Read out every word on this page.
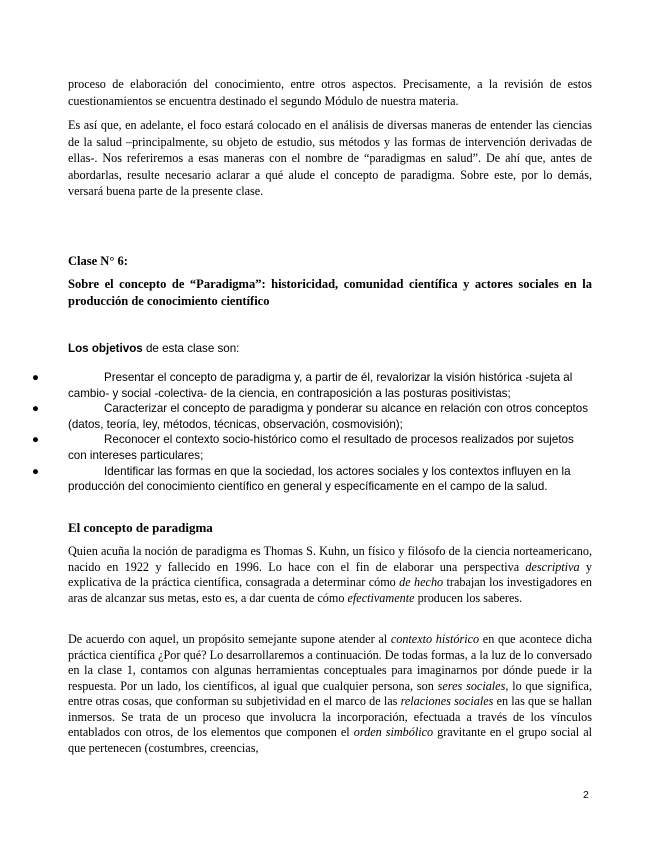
proceso de elaboración del conocimiento, entre otros aspectos. Precisamente, a la revisión de estos cuestionamientos se encuentra destinado el segundo Módulo de nuestra materia.

Es así que, en adelante, el foco estará colocado en el análisis de diversas maneras de entender las ciencias de la salud –principalmente, su objeto de estudio, sus métodos y las formas de intervención derivadas de ellas-. Nos referiremos a esas maneras con el nombre de “paradigmas en salud”. De ahí que, antes de abordarlas, resulte necesario aclarar a qué alude el concepto de paradigma. Sobre este, por lo demás, versará buena parte de la presente clase.

Clase N° 6:
Sobre el concepto de “Paradigma”: historicidad, comunidad científica y actores sociales en la producción de conocimiento científico
Los objetivos de esta clase son:
●	Presentar el concepto de paradigma y, a partir de él, revalorizar la visión histórica -sujeta al cambio- y social -colectiva- de la ciencia, en contraposición a las posturas positivistas;
●	Caracterizar el concepto de paradigma y ponderar su alcance en relación con otros conceptos (datos, teoría, ley, métodos, técnicas, observación, cosmovisión);
●	Reconocer el contexto socio-histórico como el resultado de procesos realizados por sujetos con intereses particulares;
●	Identificar las formas en que la sociedad, los actores sociales y los contextos influyen en la producción del conocimiento científico en general y específicamente en el campo de la salud.
El concepto de paradigma

Quien acuña la noción de paradigma es Thomas S. Kuhn, un físico y filósofo de la ciencia norteamericano, nacido en 1922 y fallecido en 1996. Lo hace con el fin de elaborar una perspectiva descriptiva y explicativa de la práctica científica, consagrada a determinar cómo de hecho trabajan los investigadores en aras de alcanzar sus metas, esto es, a dar cuenta de cómo efectivamente producen los saberes.

De acuerdo con aquel, un propósito semejante supone atender al contexto histórico en que acontece dicha práctica científica ¿Por qué? Lo desarrollaremos a continuación. De todas formas, a la luz de lo conversado en la clase 1, contamos con algunas herramientas conceptuales para imaginarnos por dónde puede ir la respuesta. Por un lado, los científicos, al igual que cualquier persona, son seres sociales, lo que significa, entre otras cosas, que conforman su subjetividad en el marco de las relaciones sociales en las que se hallan inmersos. Se trata de un proceso que involucra la incorporación, efectuada a través de los vínculos entablados con otros, de los elementos que componen el orden simbólico gravitante en el grupo social al que pertenecen (costumbres, creencias,

2
